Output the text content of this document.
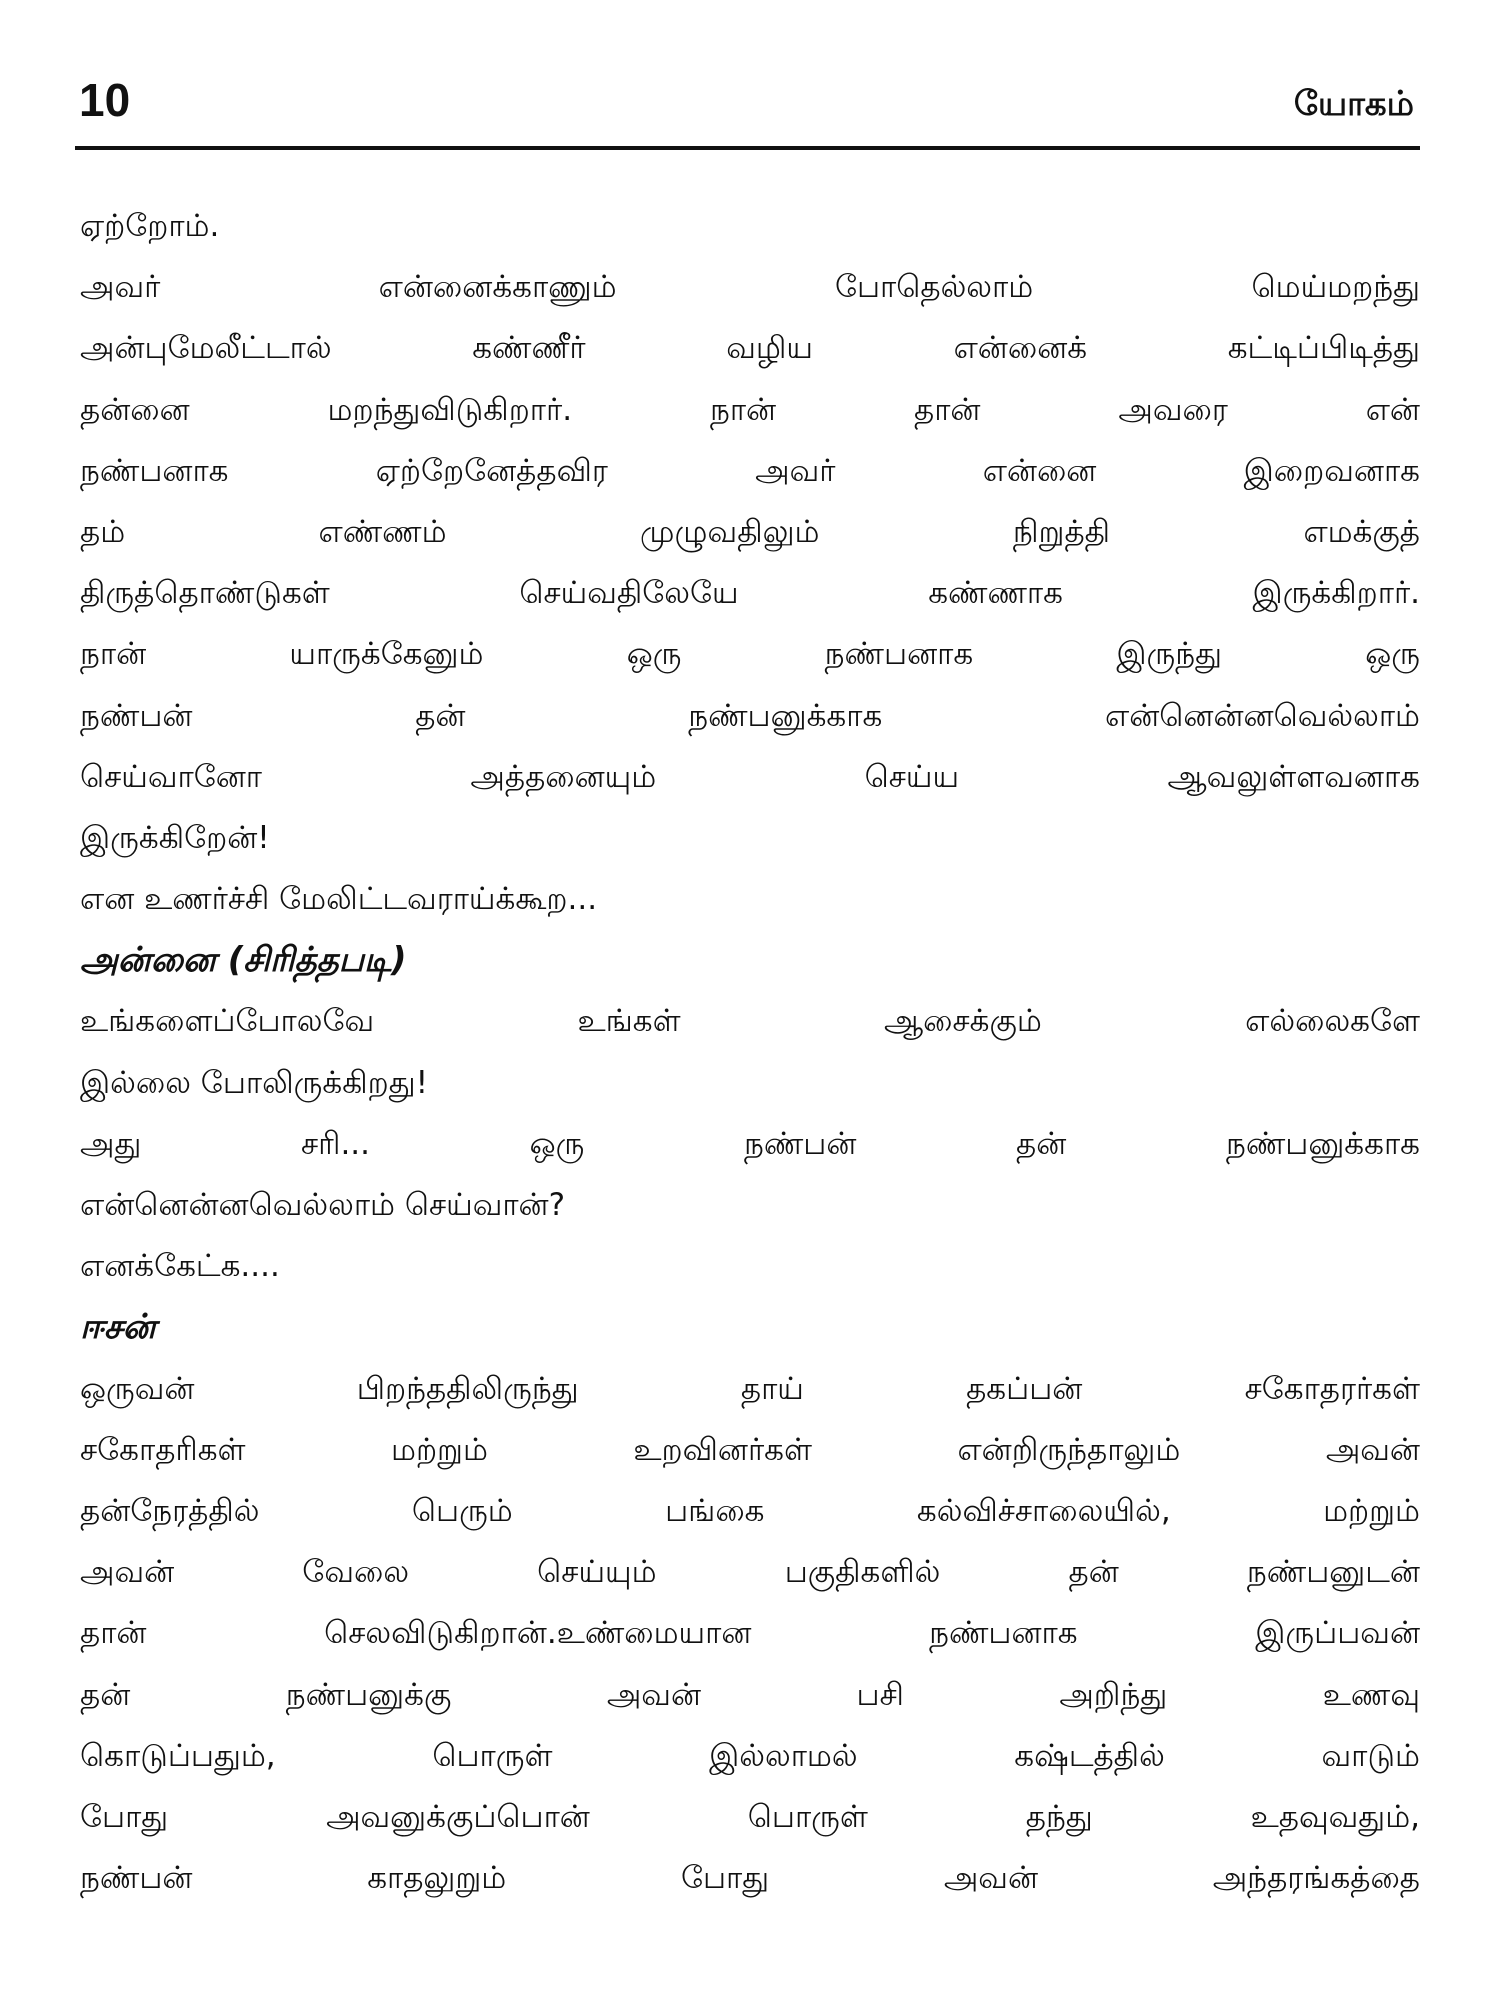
10	யோகம்
ஏற்றோம்.
அவர் என்னைக்காணும் போதெல்லாம் மெய்மறந்து
அன்புமேலீட்டால் கண்ணீர் வழிய என்னைக் கட்டிப்பிடித்து
தன்னை மறந்துவிடுகிறார். நான் தான் அவரை என்
நண்பனாக ஏற்றேனேத்தவிர அவர் என்னை இறைவனாக
தம் எண்ணம் முழுவதிலும் நிறுத்தி எமக்குத்
திருத்தொண்டுகள் செய்வதிலேயே கண்ணாக இருக்கிறார்.
நான் யாருக்கேனும் ஒரு நண்பனாக இருந்து ஒரு
நண்பன் தன் நண்பனுக்காக என்னென்னவெல்லாம்
செய்வானோ அத்தனையும் செய்ய ஆவலுள்ளவனாக
இருக்கிறேன்!
என உணர்ச்சி மேலிட்டவராய்க்கூற...
அன்னை (சிரித்தபடி)
உங்களைப்போலவே உங்கள் ஆசைக்கும் எல்லைகளே
இல்லை போலிருக்கிறது!
அது சரி... ஒரு நண்பன் தன் நண்பனுக்காக
என்னென்னவெல்லாம் செய்வான்?
எனக்கேட்க....
ஈசன்
ஒருவன் பிறந்ததிலிருந்து தாய் தகப்பன் சகோதரர்கள்
சகோதரிகள் மற்றும் உறவினர்கள் என்றிருந்தாலும் அவன்
தன்நேரத்தில் பெரும் பங்கை கல்விச்சாலையில், மற்றும்
அவன் வேலை செய்யும் பகுதிகளில் தன் நண்பனுடன்
தான் செலவிடுகிறான்.உண்மையான நண்பனாக இருப்பவன்
தன் நண்பனுக்கு அவன் பசி அறிந்து உணவு
கொடுப்பதும், பொருள் இல்லாமல் கஷ்டத்தில் வாடும்
போது அவனுக்குப்பொன் பொருள் தந்து உதவுவதும்,
நண்பன் காதலுறும் போது அவன் அந்தரங்கத்தை
